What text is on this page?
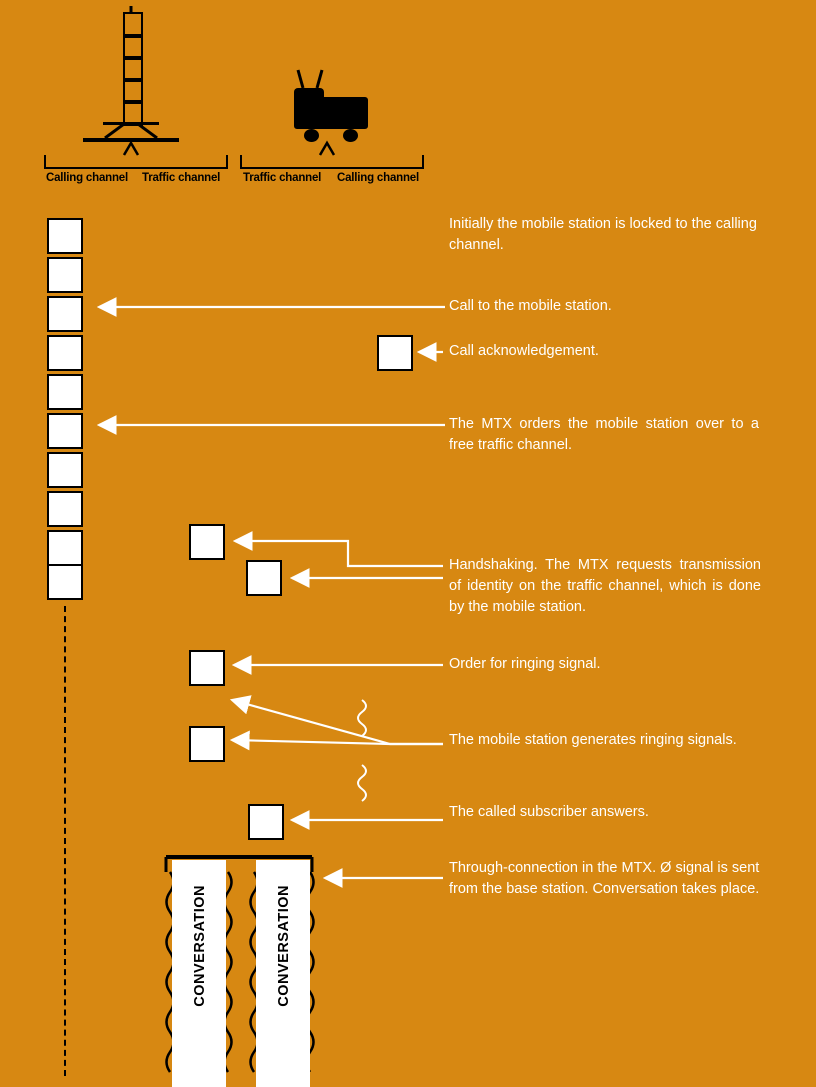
Calling channel Traffic channel Traffic channel Calling channel
CONVERSATION	CONVERSATION
Initially the mobile station is locked to the calling channel.
Call to the mobile station.
Call acknowledgement.
The MTX orders the mobile station over to a free traffic channel.
Handshaking. The MTX requests transmission of identity on the traffic channel, which is done by the mobile station.
Order for ringing signal.
The mobile station generates ringing signals.
The called subscriber answers.
Through-connection in the MTX. Ø signal is sent from the base station. Conversation takes place.
